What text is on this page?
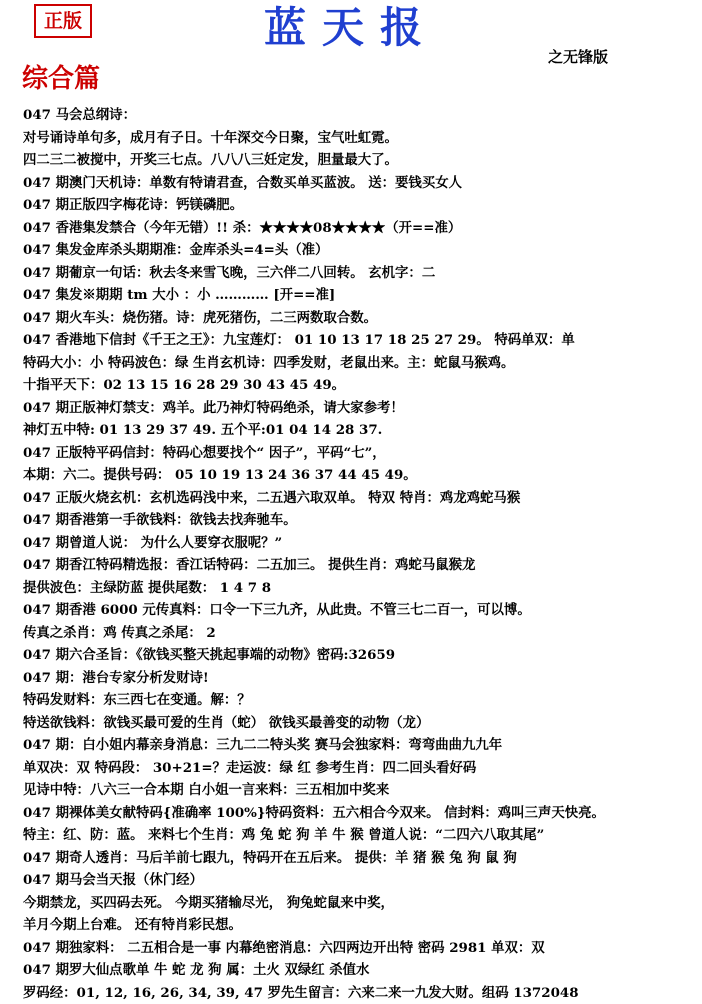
正版	蓝天报
之无锋版
综合篇
047 马会总纲诗：
对号诵诗单句多，成月有子日。十年深交今日聚，宝气吐虹霓。
四二三二被搅中，开奖三七点。八八八三妊定发，胆量最大了。
047 期澳门天机诗：单数有特请君查，合数买单买蓝波。 送：要钱买女人
047 期正版四字梅花诗：钙镁磷肥。
047 香港集发禁合（今年无错）!! 杀：★★★★08★★★★（开==准）
047 集发金库杀头期期准：金库杀头=4=头（准）
047 期葡京一句话：秋去冬来雪飞晚，三六伴二八回转。 玄机字：二
047 集发※期期 tm 大小 ：小 ………… [开==准]
047 期火车头：烧伤猪。诗：虎死猪伤，二三两数取合数。
047 香港地下信封《千王之王》：九宝莲灯： 01 10 13 17 18 25 27 29。 特码单双：单
特码大小：小 特码波色：绿 生肖玄机诗：四季发财，老鼠出来。主：蛇鼠马猴鸡。
十指平天下：02 13 15 16 28 29 30 43 45 49。
047 期正版神灯禁支：鸡羊。此乃神灯特码绝杀，请大家参考！
神灯五中特: 01 13 29 37 49. 五个平:01 04 14 28 37.
047 正版特平码信封：特码心想要找个“ 因子”，平码“七”，
本期：六二。提供号码： 05 10 19 13 24 36 37 44 45 49。
047 正版火烧玄机：玄机选码浅中来，二五遇六取双单。 特双 特肖：鸡龙鸡蛇马猴
047 期香港第一手欲钱料：欲钱去找奔驰车。
047 期曾道人说： 为什么人要穿衣服呢？”
047 期香江特码精选报：香江话特码：二五加三。 提供生肖：鸡蛇马鼠猴龙
提供波色：主绿防蓝 提供尾数： 1 4 7 8
047 期香港 6000 元传真料：口令一下三九齐，从此贵。不管三七二百一，可以博。
传真之杀肖：鸡 传真之杀尾： 2
047 期六合圣旨：《欲钱买整天挑起事端的动物》密码:32659
047 期：港台专家分析发财诗!
特码发财料：东三西七在变通。解：？
特送欲钱料：欲钱买最可爱的生肖（蛇） 欲钱买最善变的动物（龙）
047 期：白小姐内幕亲身消息：三九二二特头奖 赛马会独家料：弯弯曲曲九九年
单双决：双 特码段： 30+21=？走运波：绿 红 参考生肖：四二回头看好码
见诗中特：八六三一合本期 白小姐一言来料：三五相加中奖来
047 期裸体美女献特码{准确率 100%}特码资料：五六相合今双来。 信封料：鸡叫三声天快亮。
特主：红、防：蓝。 来料七个生肖：鸡 兔 蛇 狗 羊 牛 猴 曾道人说：“二四六八取其尾”
047 期奇人透肖：马后羊前七跟九，特码开在五后来。 提供：羊 猪 猴 兔 狗 鼠 狗
047 期马会当天报（休门经）
今期禁龙，买四码去死。 今期买猪输尽光， 狗兔蛇鼠来中奖，
羊月今期上台难。 还有特肖彩民想。
047 期独家料： 二五相合是一事 内幕绝密消息：六四两边开出特 密码 2981 单双：双
047 期罗大仙点歌单 牛 蛇 龙 狗 属：土火 双绿红 杀值水
罗码经：01, 12, 16, 26, 34, 39, 47 罗先生留言：六来二来一九发大财。组码 1372048
